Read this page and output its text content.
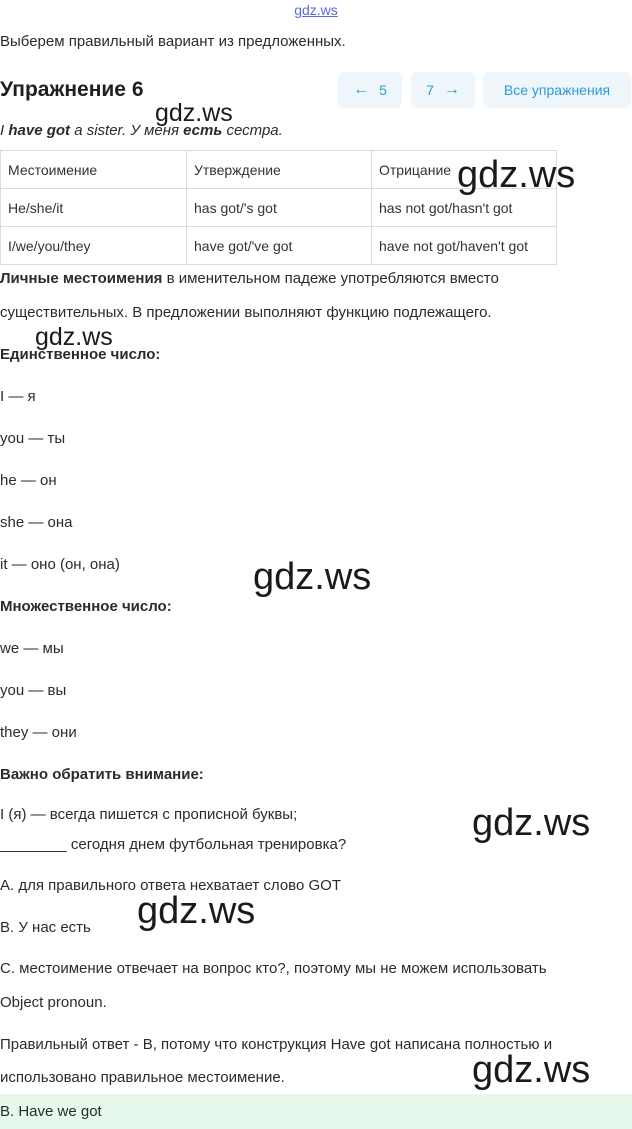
gdz.ws
Выберем правильный вариант из предложенных.
Упражнение 6	← 5	7 →	Все упражнения
I have got a sister. У меня есть сестра.
Местоимение	Утверждение	Отрицание
He/she/it	has got/'s got	has not got/hasn't got
I/we/you/they	have got/'ve got	have not got/haven't got
Личные местоимения в именительном падеже употребляются вместо
существительных. В предложении выполняют функцию подлежащего.
Единственное число:
I — я
you — ты
he — он
she — она
it — оно (он, она)
Множественное число:
we — мы
you — вы
they — они
Важно обратить внимание:
I (я) — всегда пишется с прописной буквы;
________ сегодня днем футбольная тренировка?
A. для правильного ответа нехватает слово GOT
B. У нас есть
C. местоимение отвечает на вопрос кто?, поэтому мы не можем использовать
Object pronoun.
Правильный ответ - B, потому что конструкция Have got написана полностью и
использовано правильное местоимение.
B. Have we got
gdz.ws
gdz.ws
gdz.ws
gdz.ws
gdz.ws
gdz.ws
gdz.ws
